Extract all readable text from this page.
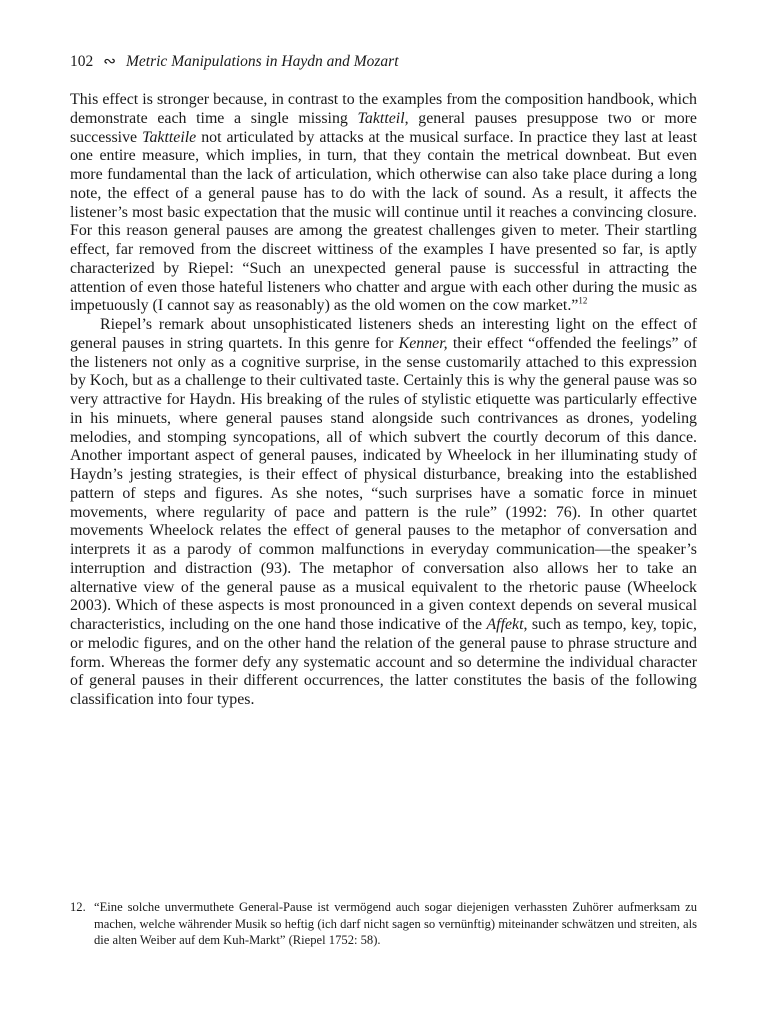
102 ∾ Metric Manipulations in Haydn and Mozart

This effect is stronger because, in contrast to the examples from the composition handbook, which demonstrate each time a single missing Taktteil, general pauses presuppose two or more successive Taktteile not articulated by attacks at the musical surface. In practice they last at least one entire measure, which implies, in turn, that they contain the metrical downbeat. But even more fundamental than the lack of articulation, which otherwise can also take place during a long note, the effect of a general pause has to do with the lack of sound. As a result, it affects the listener’s most basic expectation that the music will continue until it reaches a convincing closure. For this reason general pauses are among the greatest challenges given to meter. Their startling effect, far removed from the discreet wittiness of the examples I have presented so far, is aptly characterized by Riepel: “Such an unexpected general pause is successful in attracting the attention of even those hateful listeners who chatter and argue with each other during the music as impetuously (I cannot say as reasonably) as the old women on the cow market.”$^{12}$

Riepel’s remark about unsophisticated listeners sheds an interesting light on the effect of general pauses in string quartets. In this genre for Kenner, their effect “offended the feelings” of the listeners not only as a cognitive surprise, in the sense customarily attached to this expression by Koch, but as a challenge to their cultivated taste. Certainly this is why the general pause was so very attractive for Haydn. His breaking of the rules of stylistic etiquette was particularly effective in his minuets, where general pauses stand alongside such contrivances as drones, yodeling melodies, and stomping syncopations, all of which subvert the courtly decorum of this dance. Another important aspect of general pauses, indicated by Wheelock in her illuminating study of Haydn’s jesting strategies, is their effect of physical disturbance, breaking into the established pattern of steps and figures. As she notes, “such surprises have a somatic force in minuet movements, where regularity of pace and pattern is the rule” (1992: 76). In other quartet movements Wheelock relates the effect of general pauses to the metaphor of conversation and interprets it as a parody of common malfunctions in everyday communication—the speaker’s interruption and distraction (93). The metaphor of conversation also allows her to take an alternative view of the general pause as a musical equivalent to the rhetoric pause (Wheelock 2003). Which of these aspects is most pronounced in a given context depends on several musical characteristics, including on the one hand those indicative of the Affekt, such as tempo, key, topic, or melodic figures, and on the other hand the relation of the general pause to phrase structure and form. Whereas the former defy any systematic account and so determine the individual character of general pauses in their different occurrences, the latter constitutes the basis of the following classification into four types.

12. “Eine solche unvermuthete General-Pause ist vermögend auch sogar diejenigen verhassten Zuhörer aufmerksam zu machen, welche währender Musik so heftig (ich darf nicht sagen so vernünftig) miteinander schwätzen und streiten, als die alten Weiber auf dem Kuh-Markt” (Riepel 1752: 58).
